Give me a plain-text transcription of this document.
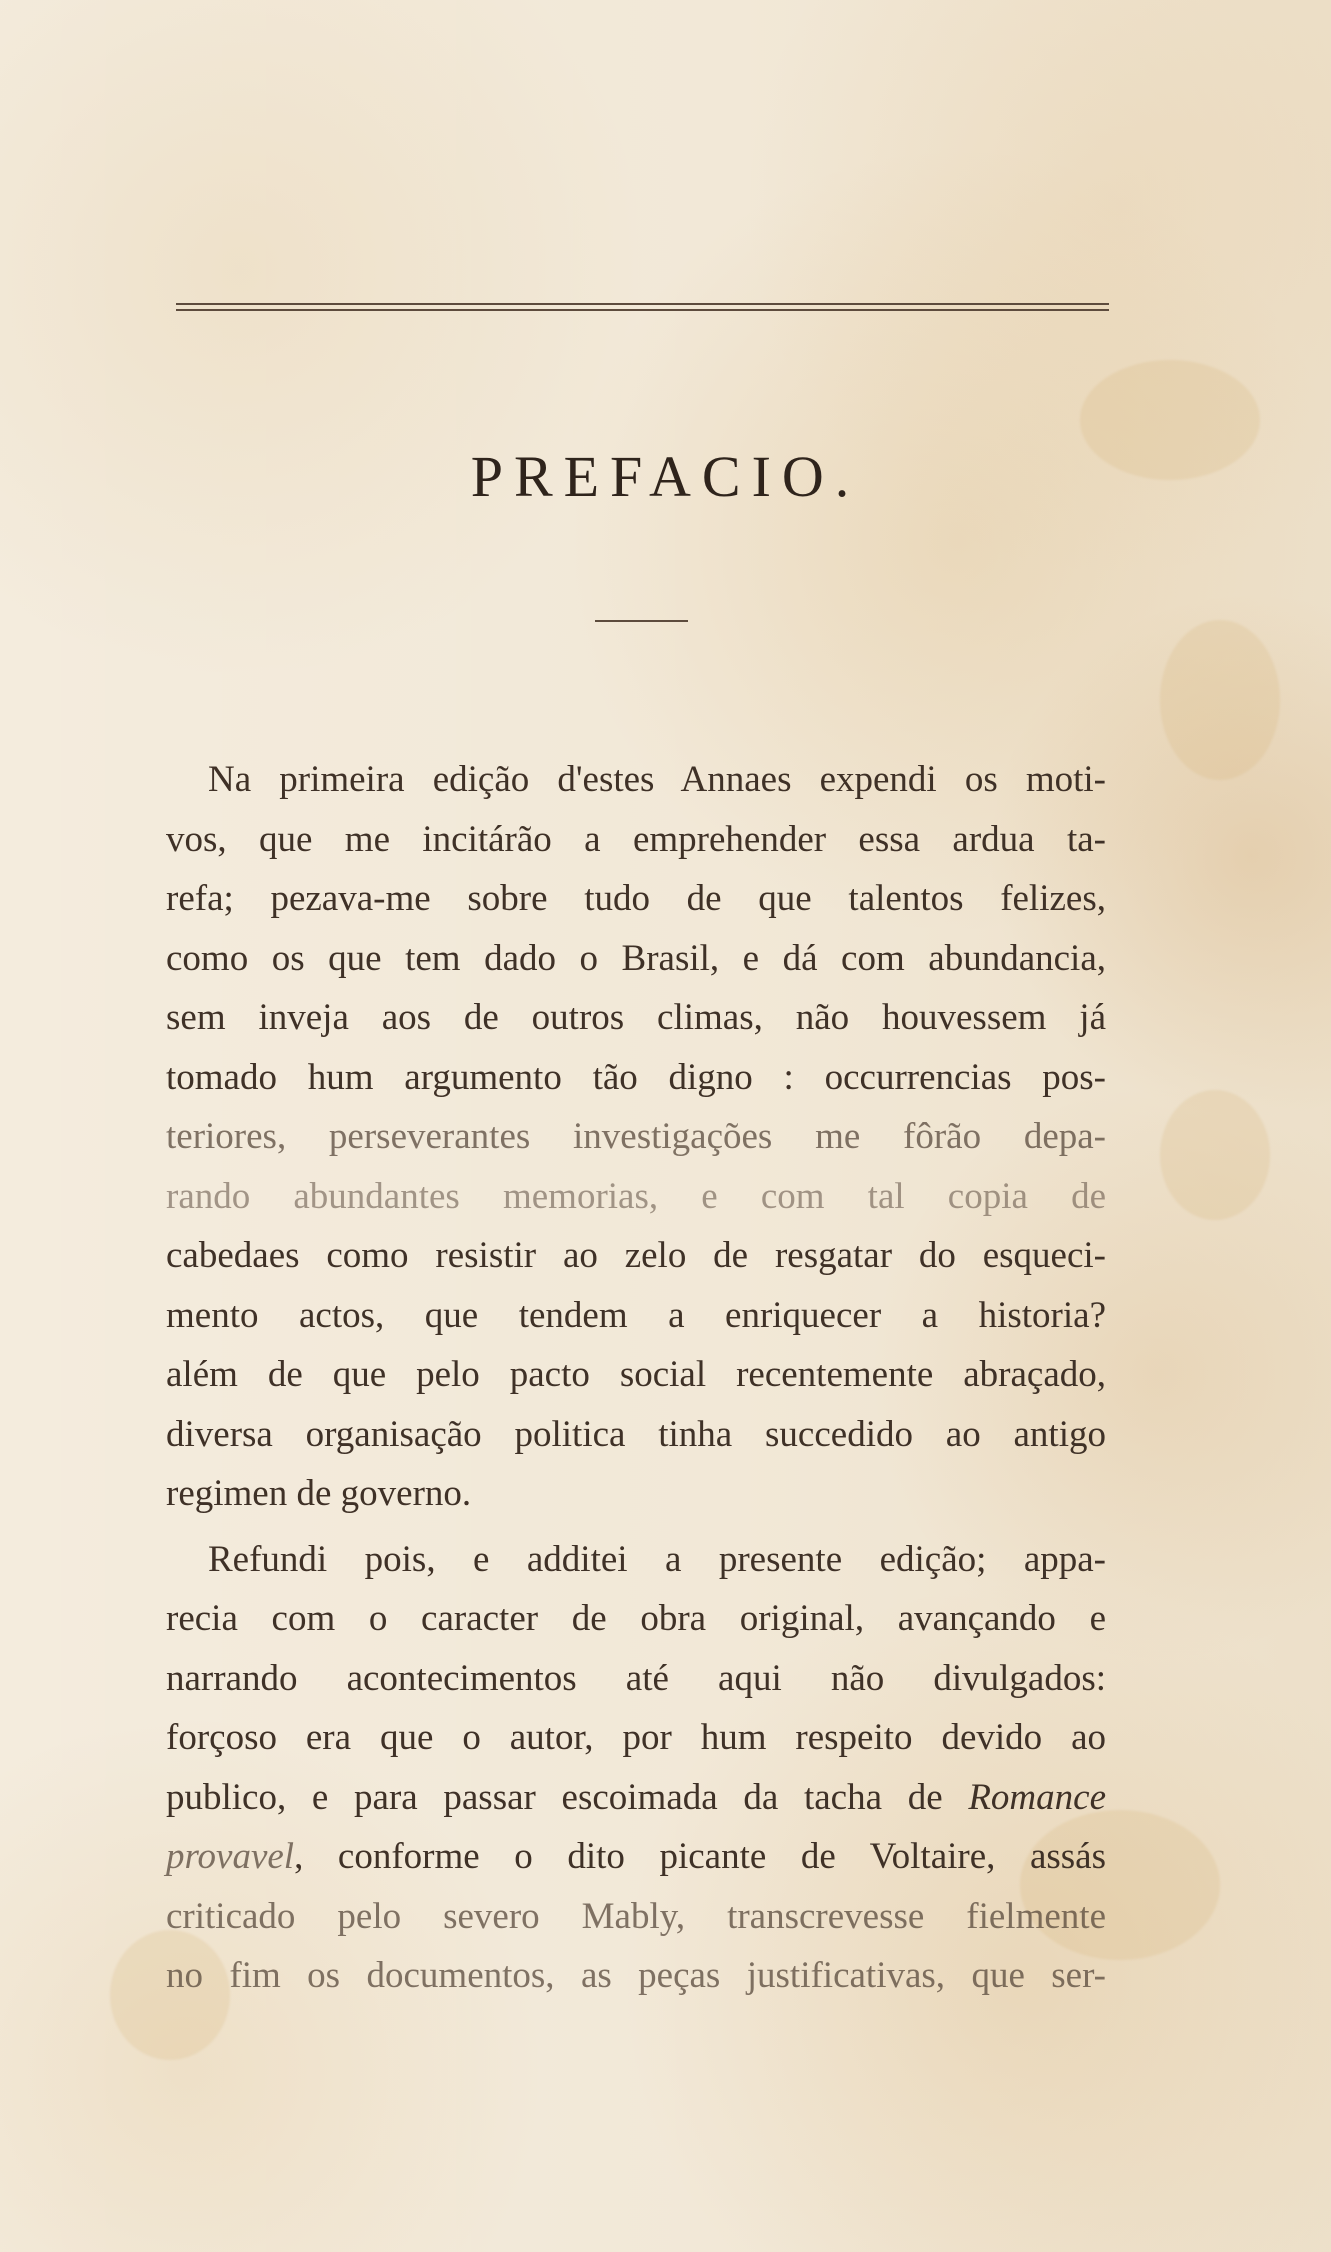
PREFACIO.
Na primeira edição d'estes Annaes expendi os moti-
vos, que me incitárão a emprehender essa ardua ta-
refa; pezava-me sobre tudo de que talentos felizes,
como os que tem dado o Brasil, e dá com abundancia,
sem inveja aos de outros climas, não houvessem já
tomado hum argumento tão digno : occurrencias pos-
teriores, perseverantes investigações me fôrão depa-
rando abundantes memorias, e com tal copia de
cabedaes como resistir ao zelo de resgatar do esqueci-
mento actos, que tendem a enriquecer a historia?
além de que pelo pacto social recentemente abraçado,
diversa organisação politica tinha succedido ao antigo
regimen de governo.
Refundi pois, e additei a presente edição; appa-
recia com o caracter de obra original, avançando e
narrando acontecimentos até aqui não divulgados:
forçoso era que o autor, por hum respeito devido ao
publico, e para passar escoimada da tacha de Romance
provavel, conforme o dito picante de Voltaire, assás
criticado pelo severo Mably, transcrevesse fielmente
no fim os documentos, as peças justificativas, que ser-
